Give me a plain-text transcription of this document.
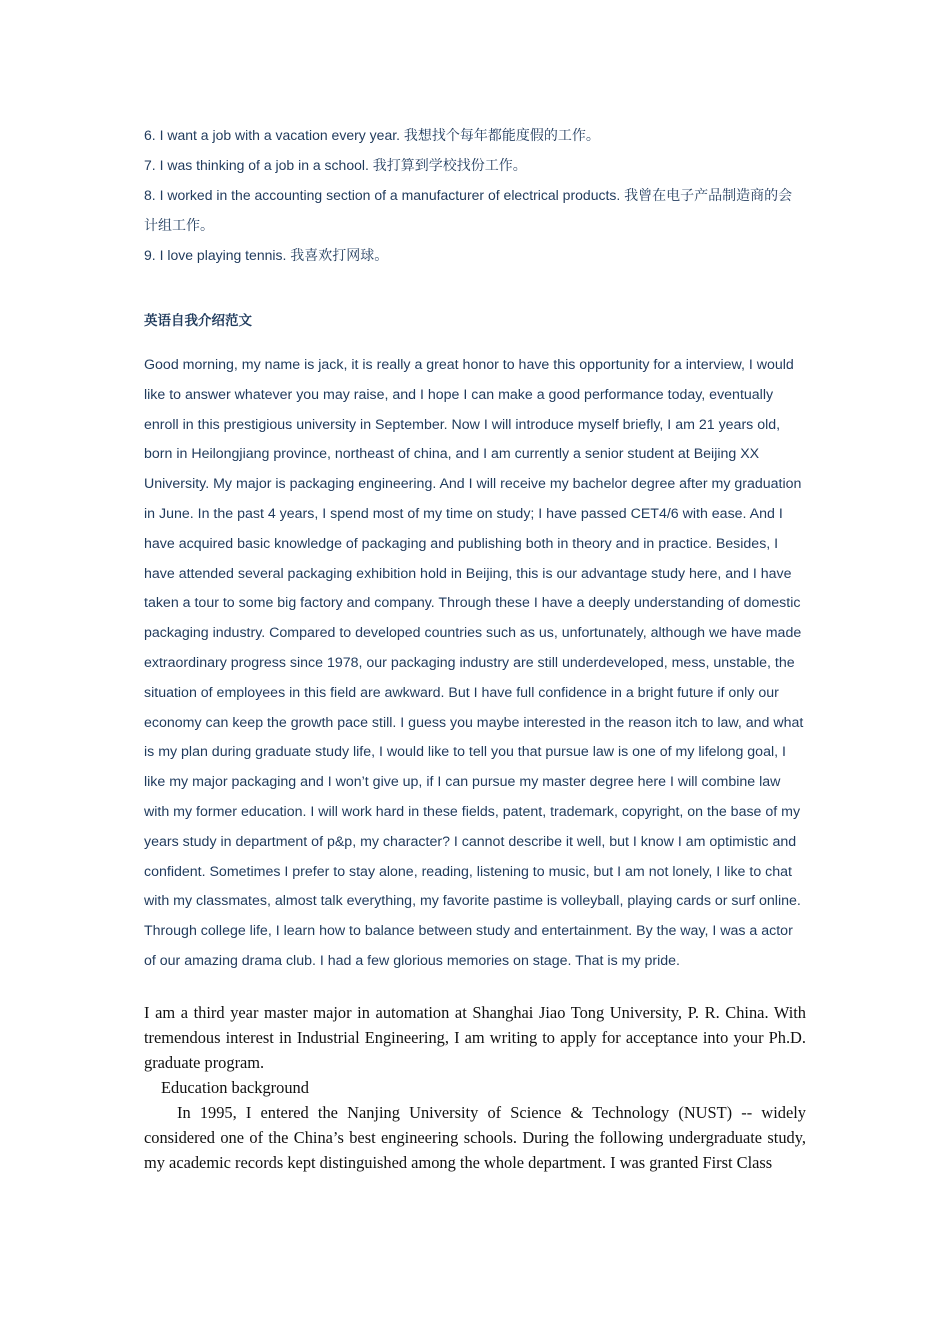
6. I want a job with a vacation every year. 我想找个每年都能度假的工作。

7. I was thinking of a job in a school. 我打算到学校找份工作。

8. I worked in the accounting section of a manufacturer of electrical products. 我曾在电子产品制造商的会计组工作。

9. I love playing tennis. 我喜欢打网球。

英语自我介绍范文
Good morning, my name is jack, it is really a great honor to have this opportunity for a interview, I would like to answer whatever you may raise, and I hope I can make a good performance today, eventually enroll in this prestigious university in September. Now I will introduce myself briefly, I am 21 years old, born in Heilongjiang province, northeast of china, and I am currently a senior student at Beijing XX University. My major is packaging engineering. And I will receive my bachelor degree after my graduation in June. In the past 4 years, I spend most of my time on study; I have passed CET4/6 with ease. And I have acquired basic knowledge of packaging and publishing both in theory and in practice. Besides, I have attended several packaging exhibition hold in Beijing, this is our advantage study here, and I have taken a tour to some big factory and company. Through these I have a deeply understanding of domestic packaging industry. Compared to developed countries such as us, unfortunately, although we have made extraordinary progress since 1978, our packaging industry are still underdeveloped, mess, unstable, the situation of employees in this field are awkward. But I have full confidence in a bright future if only our economy can keep the growth pace still. I guess you maybe interested in the reason itch to law, and what is my plan during graduate study life, I would like to tell you that pursue law is one of my lifelong goal, I like my major packaging and I won’t give up, if I can pursue my master degree here I will combine law with my former education. I will work hard in these fields, patent, trademark, copyright, on the base of my years study in department of p&p, my character? I cannot describe it well, but I know I am optimistic and confident. Sometimes I prefer to stay alone, reading, listening to music, but I am not lonely, I like to chat with my classmates, almost talk everything, my favorite pastime is volleyball, playing cards or surf online. Through college life, I learn how to balance between study and entertainment. By the way, I was a actor of our amazing drama club. I had a few glorious memories on stage. That is my pride.

I am a third year master major in automation at Shanghai Jiao Tong University, P. R. China. With tremendous interest in Industrial Engineering, I am writing to apply for acceptance into your Ph.D. graduate program.

Education background

In 1995, I entered the Nanjing University of Science & Technology (NUST) -- widely considered one of the China’s best engineering schools. During the following undergraduate study, my academic records kept distinguished among the whole department. I was granted First Class
